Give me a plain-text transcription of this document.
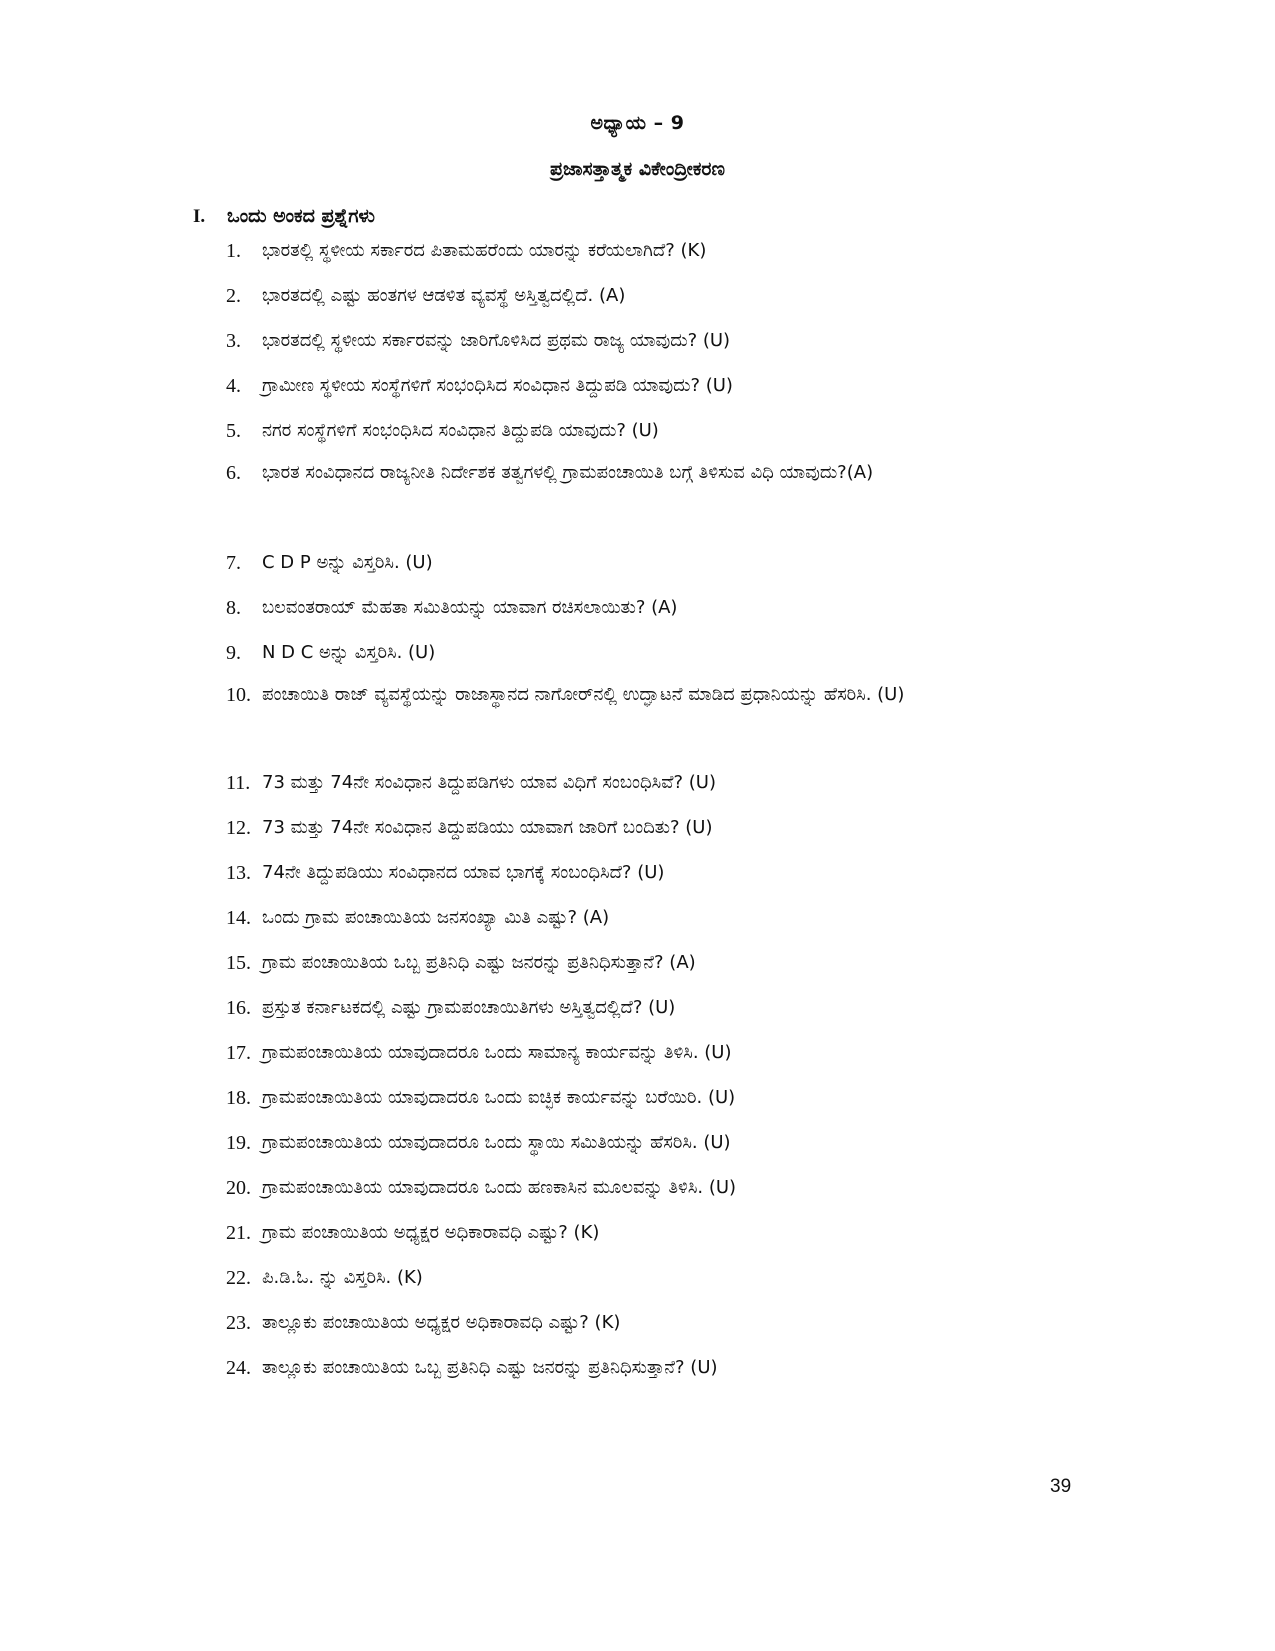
ಅಧ್ಯಾಯ – 9
ಪ್ರಜಾಸತ್ತಾತ್ಮಕ ವಿಕೇಂದ್ರೀಕರಣ
I. ಒಂದು ಅಂಕದ ಪ್ರಶ್ನೆಗಳು
1.	ಭಾರತಲ್ಲಿ ಸ್ಥಳೀಯ ಸರ್ಕಾರದ ಪಿತಾಮಹರೆಂದು ಯಾರನ್ನು ಕರೆಯಲಾಗಿದೆ? (K)
2.	ಭಾರತದಲ್ಲಿ ಎಷ್ಟು ಹಂತಗಳ ಆಡಳಿತ ವ್ಯವಸ್ಥೆ ಅಸ್ತಿತ್ವದಲ್ಲಿದೆ. (A)
3.	ಭಾರತದಲ್ಲಿ ಸ್ಥಳೀಯ ಸರ್ಕಾರವನ್ನು ಜಾರಿಗೊಳಿಸಿದ ಪ್ರಥಮ ರಾಜ್ಯ ಯಾವುದು? (U)
4.	ಗ್ರಾಮೀಣ ಸ್ಥಳೀಯ ಸಂಸ್ಥೆಗಳಿಗೆ ಸಂಭಂಧಿಸಿದ ಸಂವಿಧಾನ ತಿದ್ದುಪಡಿ ಯಾವುದು? (U)
5.	ನಗರ ಸಂಸ್ಥೆಗಳಿಗೆ ಸಂಭಂಧಿಸಿದ ಸಂವಿಧಾನ ತಿದ್ದುಪಡಿ ಯಾವುದು? (U)
6.	ಭಾರತ ಸಂವಿಧಾನದ ರಾಜ್ಯನೀತಿ ನಿರ್ದೇಶಕ ತತ್ವಗಳಲ್ಲಿ ಗ್ರಾಮಪಂಚಾಯಿತಿ ಬಗ್ಗೆ ತಿಳಿಸುವ ವಿಧಿ ಯಾವುದು?(A)
7.	C D P ಅನ್ನು ವಿಸ್ತರಿಸಿ. (U)
8.	ಬಲವಂತರಾಯ್ ಮೆಹತಾ ಸಮಿತಿಯನ್ನು ಯಾವಾಗ ರಚಿಸಲಾಯಿತು? (A)
9.	N D C ಅನ್ನು ವಿಸ್ತರಿಸಿ. (U)
10. ಪಂಚಾಯಿತಿ ರಾಜ್ ವ್ಯವಸ್ಥೆಯನ್ನು ರಾಜಾಸ್ಥಾನದ ನಾಗೋರ್‌ನಲ್ಲಿ ಉದ್ಘಾಟನೆ ಮಾಡಿದ ಪ್ರಧಾನಿಯನ್ನು ಹೆಸರಿಸಿ. (U)
11. 73 ಮತ್ತು 74ನೇ ಸಂವಿಧಾನ ತಿದ್ದುಪಡಿಗಳು ಯಾವ ವಿಧಿಗೆ ಸಂಬಂಧಿಸಿವೆ? (U)
12. 73 ಮತ್ತು 74ನೇ ಸಂವಿಧಾನ ತಿದ್ದುಪಡಿಯು ಯಾವಾಗ ಜಾರಿಗೆ ಬಂದಿತು? (U)
13. 74ನೇ ತಿದ್ದುಪಡಿಯು ಸಂವಿಧಾನದ ಯಾವ ಭಾಗಕ್ಕೆ ಸಂಬಂಧಿಸಿದೆ? (U)
14. ಒಂದು ಗ್ರಾಮ ಪಂಚಾಯಿತಿಯ ಜನಸಂಖ್ಯಾ ಮಿತಿ ಎಷ್ಟು? (A)
15. ಗ್ರಾಮ ಪಂಚಾಯಿತಿಯ ಒಬ್ಬ ಪ್ರತಿನಿಧಿ ಎಷ್ಟು ಜನರನ್ನು ಪ್ರತಿನಿಧಿಸುತ್ತಾನೆ? (A)
16. ಪ್ರಸ್ತುತ ಕರ್ನಾಟಕದಲ್ಲಿ ಎಷ್ಟು ಗ್ರಾಮಪಂಚಾಯಿತಿಗಳು ಅಸ್ತಿತ್ವದಲ್ಲಿದೆ? (U)
17. ಗ್ರಾಮಪಂಚಾಯಿತಿಯ ಯಾವುದಾದರೂ ಒಂದು ಸಾಮಾನ್ಯ ಕಾರ್ಯವನ್ನು ತಿಳಿಸಿ. (U)
18. ಗ್ರಾಮಪಂಚಾಯಿತಿಯ ಯಾವುದಾದರೂ ಒಂದು ಐಚ್ಛಿಕ ಕಾರ್ಯವನ್ನು ಬರೆಯಿರಿ. (U)
19. ಗ್ರಾಮಪಂಚಾಯಿತಿಯ ಯಾವುದಾದರೂ ಒಂದು ಸ್ಥಾಯಿ ಸಮಿತಿಯನ್ನು ಹೆಸರಿಸಿ. (U)
20. ಗ್ರಾಮಪಂಚಾಯಿತಿಯ ಯಾವುದಾದರೂ ಒಂದು ಹಣಕಾಸಿನ ಮೂಲವನ್ನು ತಿಳಿಸಿ. (U)
21. ಗ್ರಾಮ ಪಂಚಾಯಿತಿಯ ಅಧ್ಯಕ್ಷರ ಅಧಿಕಾರಾವಧಿ ಎಷ್ಟು? (K)
22. ಪಿ.ಡಿ.ಓ. ನ್ನು ವಿಸ್ತರಿಸಿ. (K)
23. ತಾಲ್ಲೂಕು ಪಂಚಾಯಿತಿಯ ಅಧ್ಯಕ್ಷರ ಅಧಿಕಾರಾವಧಿ ಎಷ್ಟು? (K)
24. ತಾಲ್ಲೂಕು ಪಂಚಾಯಿತಿಯ ಒಬ್ಬ ಪ್ರತಿನಿಧಿ ಎಷ್ಟು ಜನರನ್ನು ಪ್ರತಿನಿಧಿಸುತ್ತಾನೆ? (U)
39
